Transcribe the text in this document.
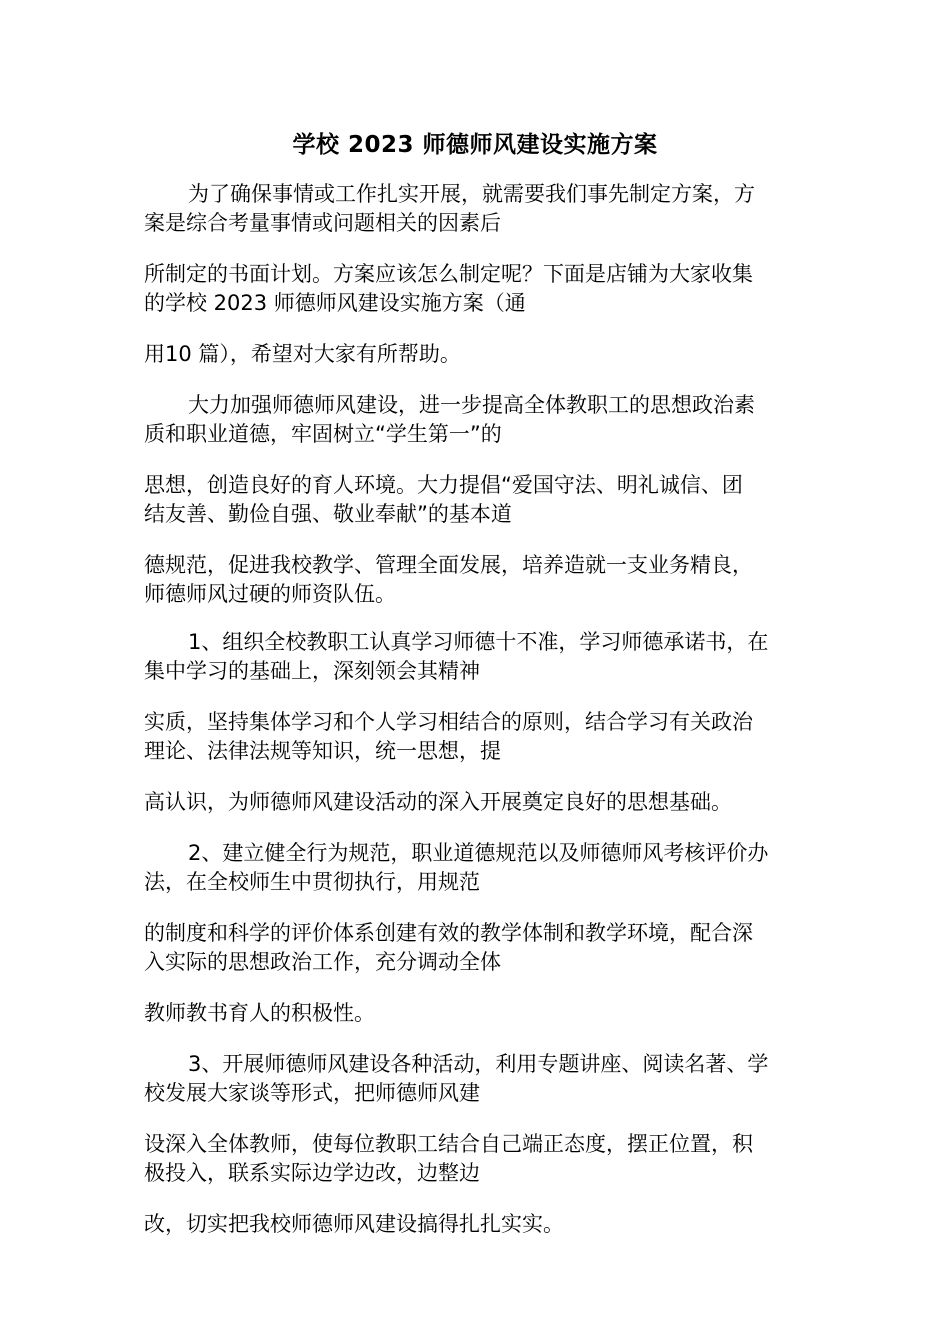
学校 2023 师德师风建设实施方案

为了确保事情或工作扎实开展，就需要我们事先制定方案，方
案是综合考量事情或问题相关的因素后

所制定的书面计划。方案应该怎么制定呢？下面是店铺为大家收集
的学校 2023 师德师风建设实施方案（通

用10 篇），希望对大家有所帮助。

大力加强师德师风建设，进一步提高全体教职工的思想政治素
质和职业道德，牢固树立“学生第一”的

思想，创造良好的育人环境。大力提倡“爱国守法、明礼诚信、团
结友善、勤俭自强、敬业奉献”的基本道

德规范，促进我校教学、管理全面发展，培养造就一支业务精良，
师德师风过硬的师资队伍。

1、组织全校教职工认真学习师德十不准，学习师德承诺书，在
集中学习的基础上，深刻领会其精神

实质，坚持集体学习和个人学习相结合的原则，结合学习有关政治
理论、法律法规等知识，统一思想，提

高认识，为师德师风建设活动的深入开展奠定良好的思想基础。

2、建立健全行为规范，职业道德规范以及师德师风考核评价办
法，在全校师生中贯彻执行，用规范

的制度和科学的评价体系创建有效的教学体制和教学环境，配合深
入实际的思想政治工作，充分调动全体

教师教书育人的积极性。

3、开展师德师风建设各种活动，利用专题讲座、阅读名著、学
校发展大家谈等形式，把师德师风建

设深入全体教师，使每位教职工结合自己端正态度，摆正位置，积
极投入，联系实际边学边改，边整边

改，切实把我校师德师风建设搞得扎扎实实。
